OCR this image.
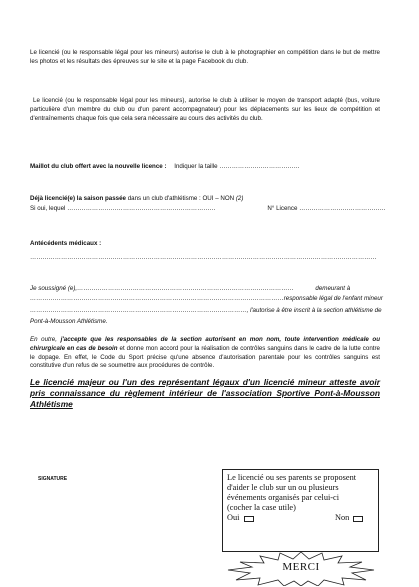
Le licencié (ou le responsable légal pour les mineurs) autorise le club à le photographier en compétition dans le but de mettre les photos et les résultats des épreuves sur le site et la page Facebook du club.
Le licencié (ou le responsable légal pour les mineurs), autorise le club à utiliser le moyen de transport adapté (bus, voiture particulière d'un membre du club ou d'un parent accompagnateur) pour les déplacements sur les lieux de compétition et d'entraînements chaque fois que cela sera nécessaire au cours des activités du club.
Maillot du club offert avec la nouvelle licence : Indiquer la taille …………………………………
Déjà licencié(e) la saison passée dans un club d'athlétisme : OUI – NON (2)
Si oui, lequel ………………………………………………………………	N° Licence ……………………………………
Antécédents médicaux :
……………………………………………………………………………………………………………………………………………………
Je soussigné (e),……………………………………………………………………………………………	demeurant à
……………………………………………………………………………………………………………responsable légal de l'enfant mineur
……………………………………………………………………………………………, l'autorise à être inscrit à la section athlétisme de
Pont-à-Mousson Athlétisme.
En outre, j'accepte que les responsables de la section autorisent en mon nom, toute intervention médicale ou chirurgicale en cas de besoin et donne mon accord pour la réalisation de contrôles sanguins dans le cadre de la lutte contre le dopage. En effet, le Code du Sport précise qu'une absence d'autorisation parentale pour les contrôles sanguins est constitutive d'un refus de se soumettre aux procédures de contrôle.
Le licencié majeur ou l'un des représentant légaux d'un licencié mineur atteste avoir pris connaissance du règlement intérieur de l'association Sportive Pont-à-Mousson Athlétisme
SIGNATURE	Le licencié ou ses parents se proposent d'aider le club sur un ou plusieurs événements organisés par celui-ci
(cocher la case utile)
Oui	Non
MERCI
